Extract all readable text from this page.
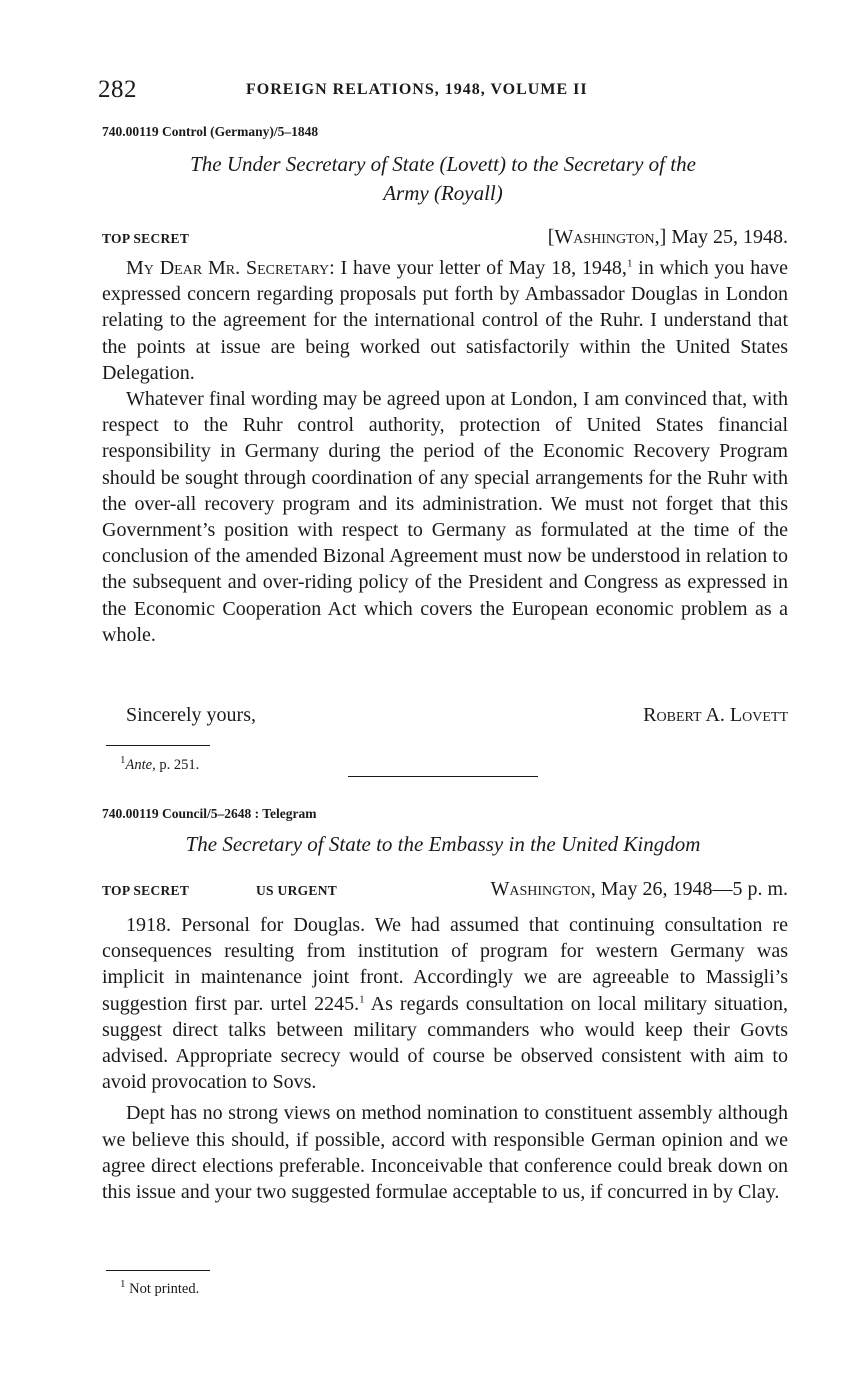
282	FOREIGN RELATIONS, 1948, VOLUME II
740.00119 Control (Germany)/5–1848
The Under Secretary of State (Lovett) to the Secretary of the
Army (Royall)
TOP SECRET	[Washington,] May 25, 1948.

My Dear Mr. Secretary: I have your letter of May 18, 1948,$^1$ in which you have expressed concern regarding proposals put forth by Ambassador Douglas in London relating to the agreement for the international control of the Ruhr. I understand that the points at issue are being worked out satisfactorily within the United States Delegation.

Whatever final wording may be agreed upon at London, I am convinced that, with respect to the Ruhr control authority, protection of United States financial responsibility in Germany during the period of the Economic Recovery Program should be sought through coordination of any special arrangements for the Ruhr with the over-all recovery program and its administration. We must not forget that this Government’s position with respect to Germany as formulated at the time of the conclusion of the amended Bizonal Agreement must now be understood in relation to the subsequent and over-riding policy of the President and Congress as expressed in the Economic Cooperation Act which covers the European economic problem as a whole.

Sincerely yours,	Robert A. Lovett
$^1$Ante, p. 251.
740.00119 Council/5–2648 : Telegram
The Secretary of State to the Embassy in the United Kingdom
TOP SECRET	US URGENT	Washington, May 26, 1948—5 p. m.

1918. Personal for Douglas. We had assumed that continuing consultation re consequences resulting from institution of program for western Germany was implicit in maintenance joint front. Accordingly we are agreeable to Massigli’s suggestion first par. urtel 2245.$^1$ As regards consultation on local military situation, suggest direct talks between military commanders who would keep their Govts advised. Appropriate secrecy would of course be observed consistent with aim to avoid provocation to Sovs.

Dept has no strong views on method nomination to constituent assembly although we believe this should, if possible, accord with responsible German opinion and we agree direct elections preferable. Inconceivable that conference could break down on this issue and your two suggested formulae acceptable to us, if concurred in by Clay.

$^1$ Not printed.
